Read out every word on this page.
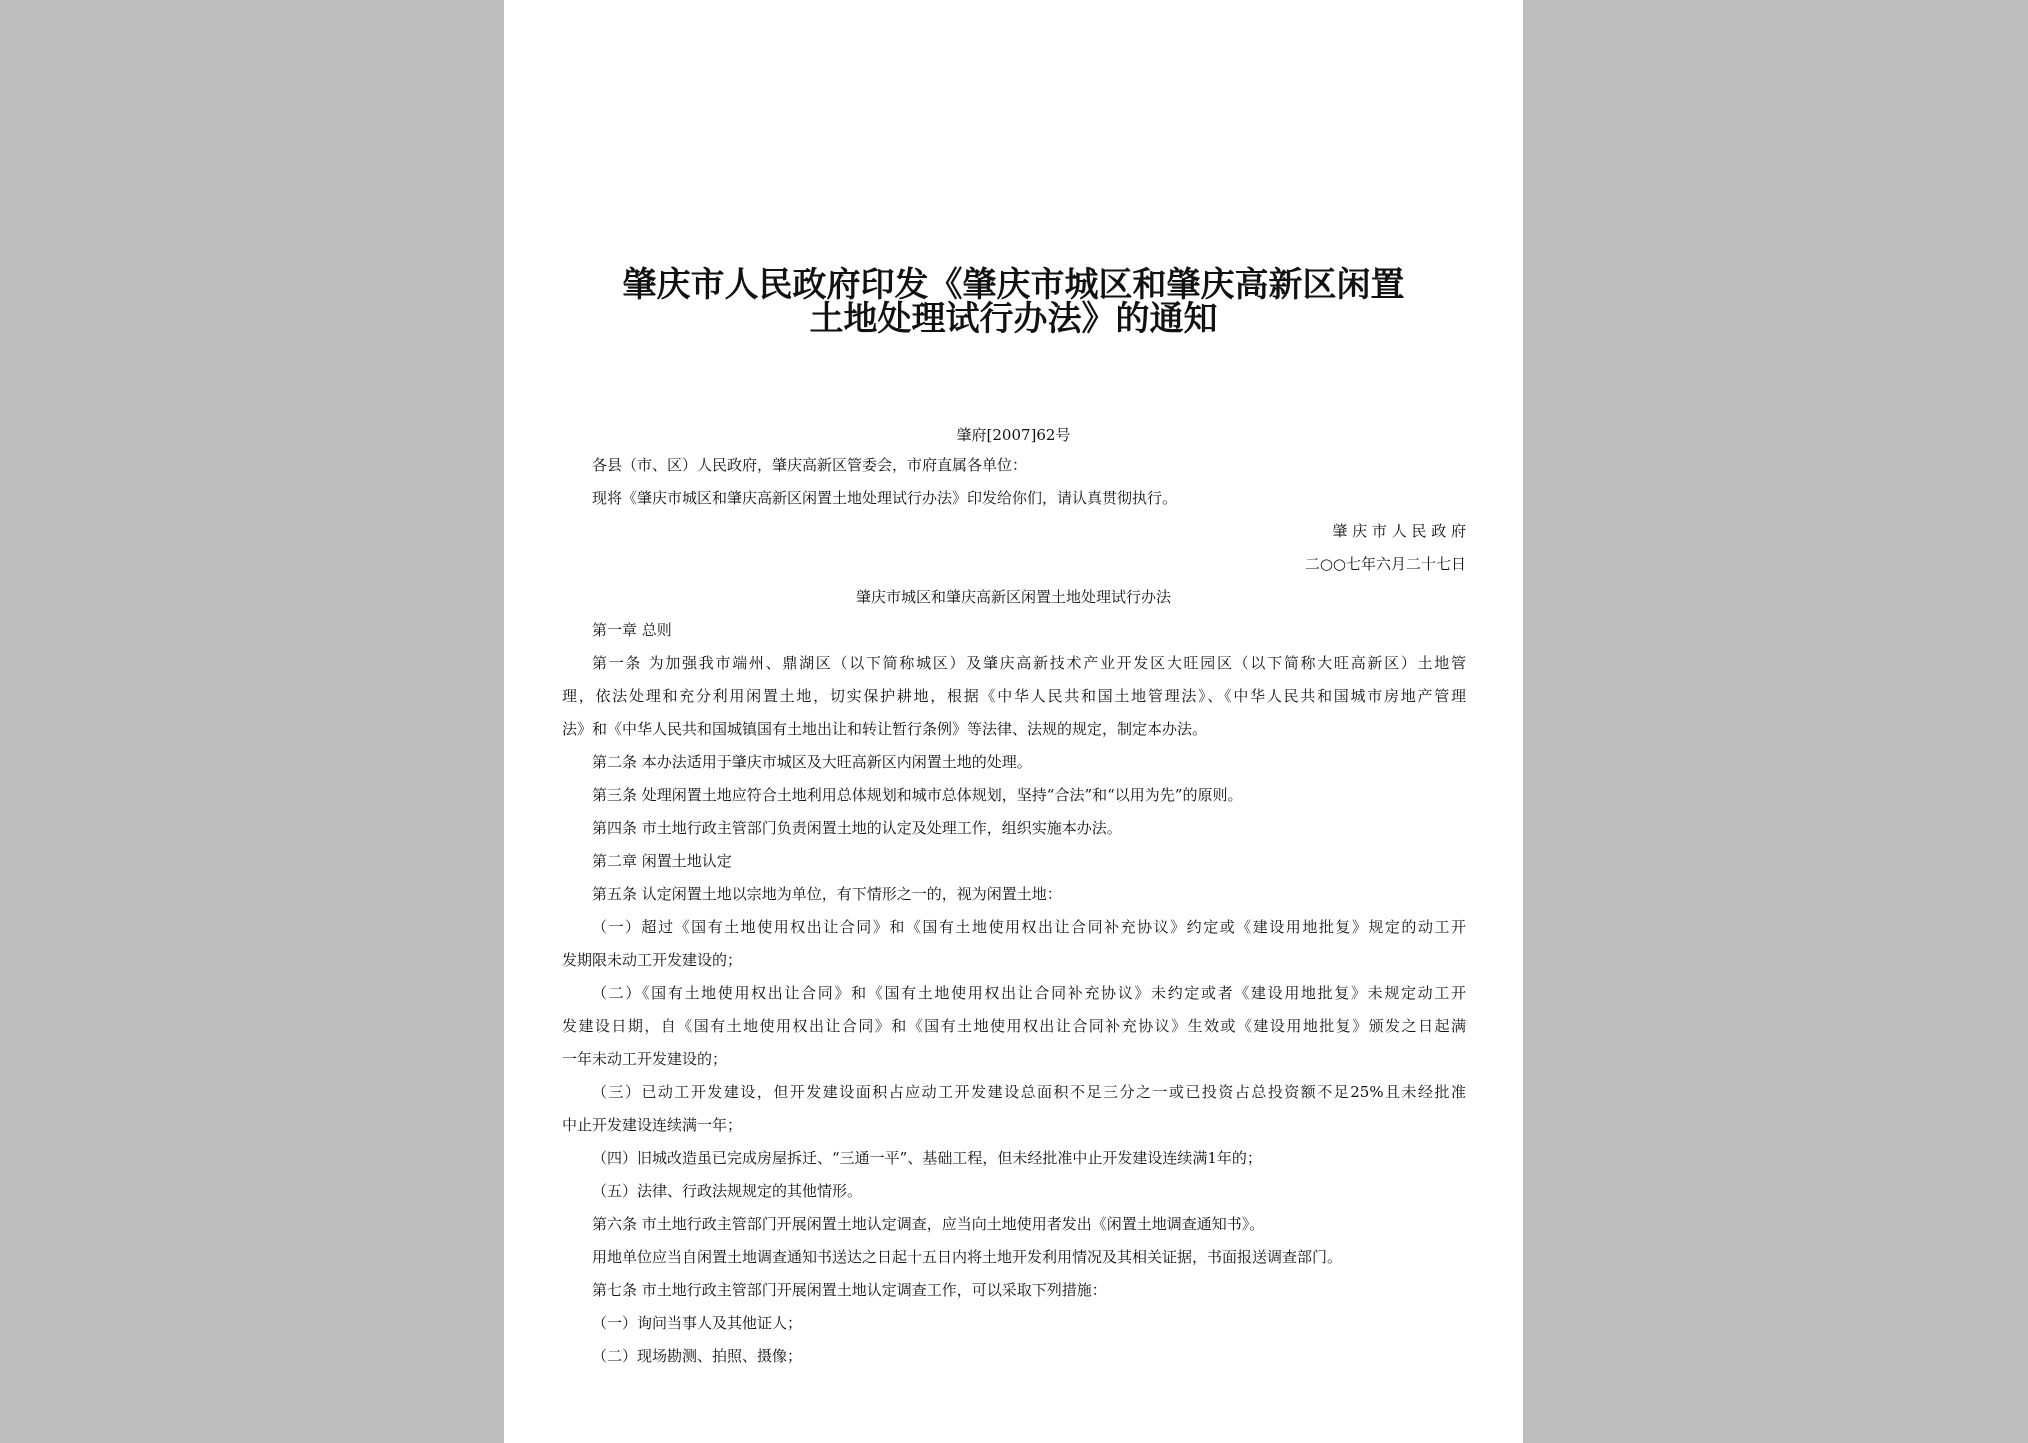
肇庆市人民政府印发《肇庆市城区和肇庆高新区闲置
土地处理试行办法》的通知

肇府[2007]62号

各县（市、区）人民政府，肇庆高新区管委会，市府直属各单位：

现将《肇庆市城区和肇庆高新区闲置土地处理试行办法》印发给你们，请认真贯彻执行。

肇 庆 市 人 民 政 府

二○○七年六月二十七日

肇庆市城区和肇庆高新区闲置土地处理试行办法

第一章 总则

第一条 为加强我市端州、鼎湖区（以下简称城区）及肇庆高新技术产业开发区大旺园区（以下简称大旺高新区）土地管

理，依法处理和充分利用闲置土地，切实保护耕地，根据《中华人民共和国土地管理法》、《中华人民共和国城市房地产管理

法》和《中华人民共和国城镇国有土地出让和转让暂行条例》等法律、法规的规定，制定本办法。

第二条 本办法适用于肇庆市城区及大旺高新区内闲置土地的处理。

第三条 处理闲置土地应符合土地利用总体规划和城市总体规划，坚持“合法”和“以用为先”的原则。

第四条 市土地行政主管部门负责闲置土地的认定及处理工作，组织实施本办法。

第二章 闲置土地认定

第五条 认定闲置土地以宗地为单位，有下情形之一的，视为闲置土地：

（一）超过《国有土地使用权出让合同》和《国有土地使用权出让合同补充协议》约定或《建设用地批复》规定的动工开

发期限未动工开发建设的；

（二）《国有土地使用权出让合同》和《国有土地使用权出让合同补充协议》未约定或者《建设用地批复》未规定动工开

发建设日期，自《国有土地使用权出让合同》和《国有土地使用权出让合同补充协议》生效或《建设用地批复》颁发之日起满

一年未动工开发建设的；

（三）已动工开发建设，但开发建设面积占应动工开发建设总面积不足三分之一或已投资占总投资额不足25%且未经批准

中止开发建设连续满一年；

（四）旧城改造虽已完成房屋拆迁、“三通一平”、基础工程，但未经批准中止开发建设连续满1年的；

（五）法律、行政法规规定的其他情形。

第六条 市土地行政主管部门开展闲置土地认定调查，应当向土地使用者发出《闲置土地调查通知书》。

用地单位应当自闲置土地调查通知书送达之日起十五日内将土地开发利用情况及其相关证据，书面报送调查部门。

第七条 市土地行政主管部门开展闲置土地认定调查工作，可以采取下列措施：

（一）询问当事人及其他证人；

（二）现场勘测、拍照、摄像；
